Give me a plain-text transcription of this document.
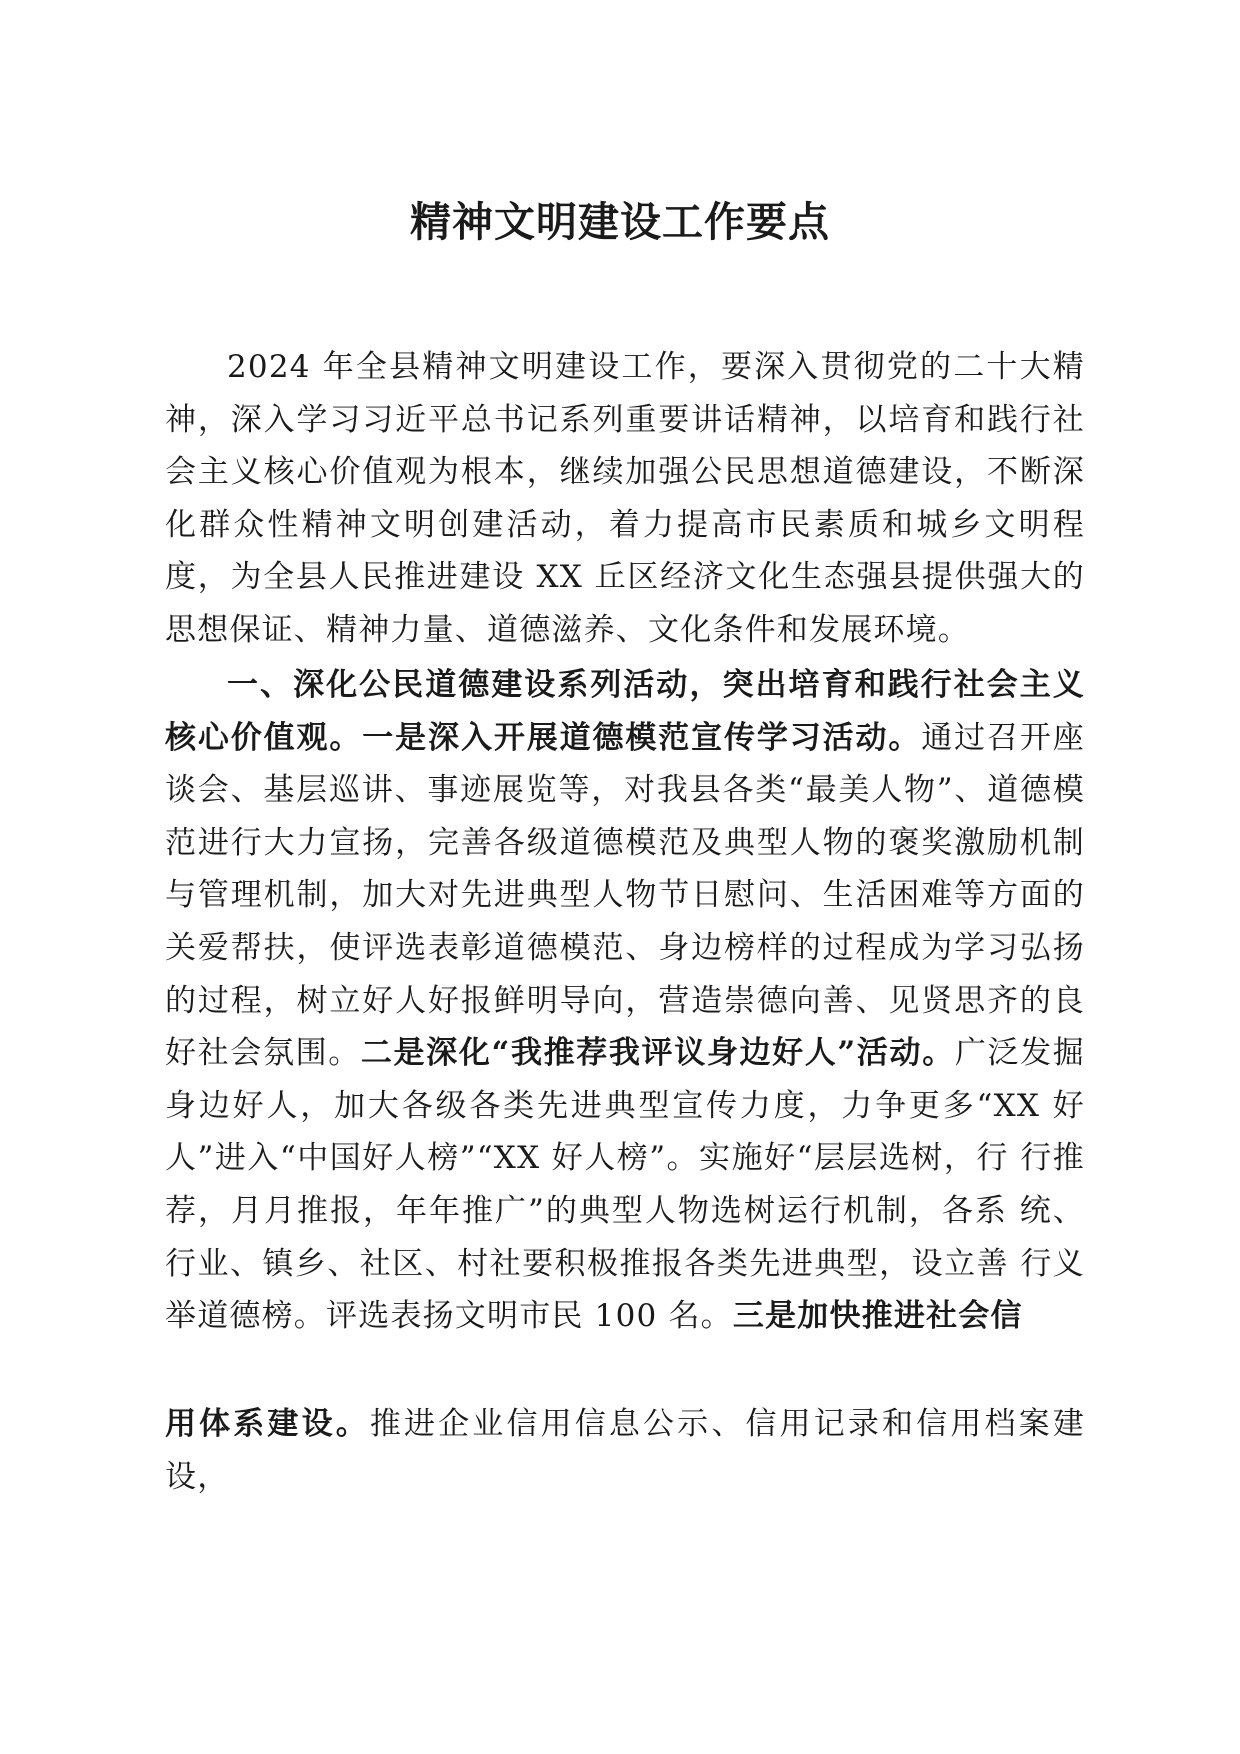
精神文明建设工作要点

2024 年全县精神文明建设工作，要深入贯彻党的二十大精神，深入学习习近平总书记系列重要讲话精神，以培育和践行社会主义核心价值观为根本，继续加强公民思想道德建设，不断深化群众性精神文明创建活动，着力提高市民素质和城乡文明程度，为全县人民推进建设 XX 丘区经济文化生态强县提供强大的思想保证、精神力量、道德滋养、文化条件和发展环境。

一、深化公民道德建设系列活动，突出培育和践行社会主义核心价值观。一是深入开展道德模范宣传学习活动。通过召开座谈会、基层巡讲、事迹展览等，对我县各类“最美人物”、道德模范进行大力宣扬，完善各级道德模范及典型人物的褒奖激励机制与管理机制，加大对先进典型人物节日慰问、生活困难等方面的关爱帮扶，使评选表彰道德模范、身边榜样的过程成为学习弘扬的过程，树立好人好报鲜明导向，营造崇德向善、见贤思齐的良好社会氛围。二是深化“我推荐我评议身边好人”活动。广泛发掘身边好人，加大各级各类先进典型宣传力度，力争更多“XX 好人”进入“中国好人榜”“XX 好人榜”。实施好“层层选树，行 行推荐，月月推报，年年推广”的典型人物选树运行机制，各系 统、行业、镇乡、社区、村社要积极推报各类先进典型，设立善 行义举道德榜。评选表扬文明市民 100 名。三是加快推进社会信

用体系建设。推进企业信用信息公示、信用记录和信用档案建设，
